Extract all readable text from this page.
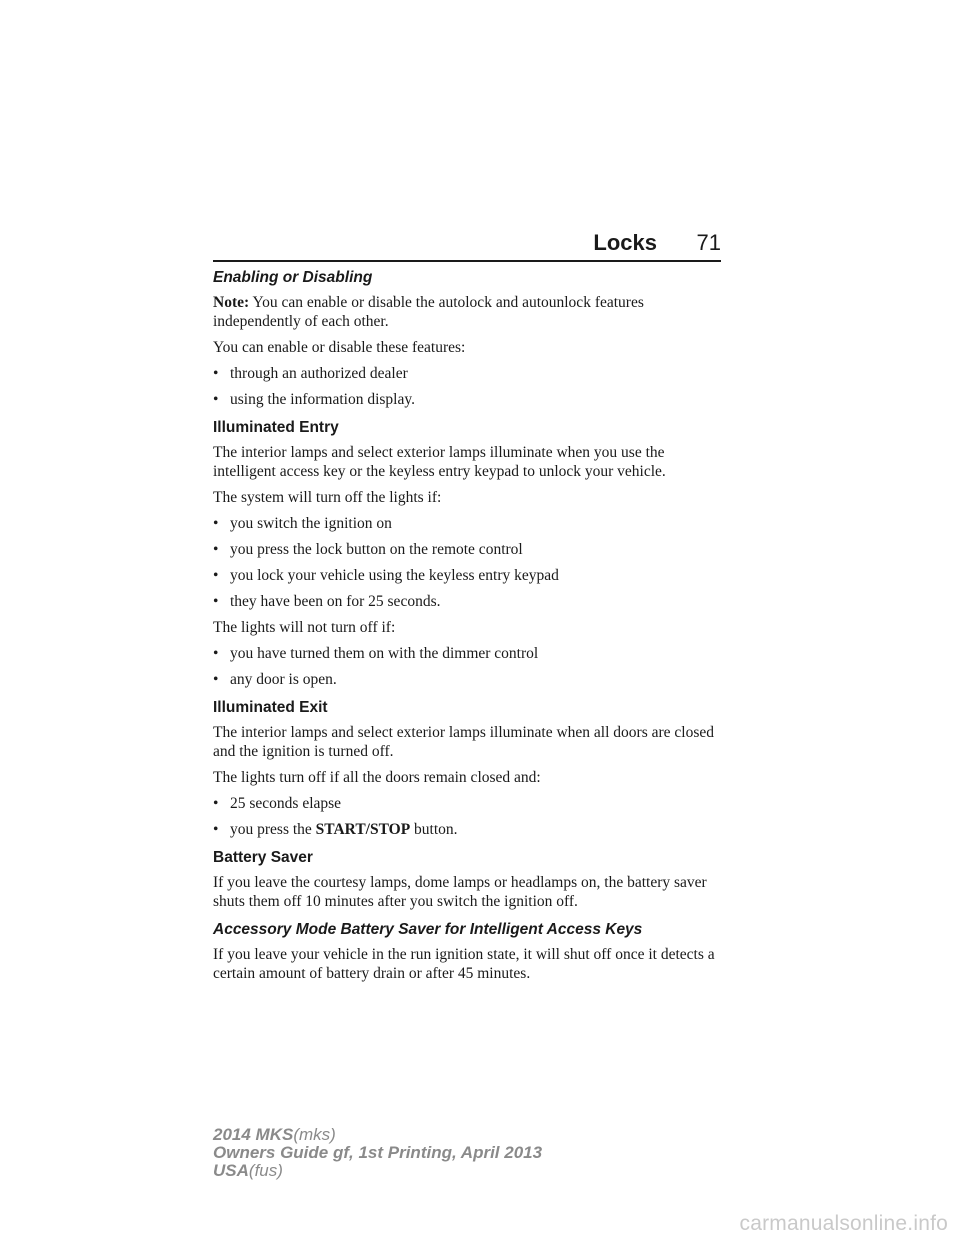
Locks 71
Enabling or Disabling

Note: You can enable or disable the autolock and autounlock features independently of each other.

You can enable or disable these features:

• through an authorized dealer
• using the information display.
Illuminated Entry

The interior lamps and select exterior lamps illuminate when you use the intelligent access key or the keyless entry keypad to unlock your vehicle.

The system will turn off the lights if:

• you switch the ignition on
• you press the lock button on the remote control
• you lock your vehicle using the keyless entry keypad
• they have been on for 25 seconds.

The lights will not turn off if:

• you have turned them on with the dimmer control
• any door is open.
Illuminated Exit

The interior lamps and select exterior lamps illuminate when all doors are closed and the ignition is turned off.

The lights turn off if all the doors remain closed and:

• 25 seconds elapse
• you press the START/STOP button.
Battery Saver

If you leave the courtesy lamps, dome lamps or headlamps on, the battery saver shuts them off 10 minutes after you switch the ignition off.

Accessory Mode Battery Saver for Intelligent Access Keys

If you leave your vehicle in the run ignition state, it will shut off once it detects a certain amount of battery drain or after 45 minutes.

2014 MKS(mks)
Owners Guide gf, 1st Printing, April 2013
USA(fus)
carmanualsonline.info
